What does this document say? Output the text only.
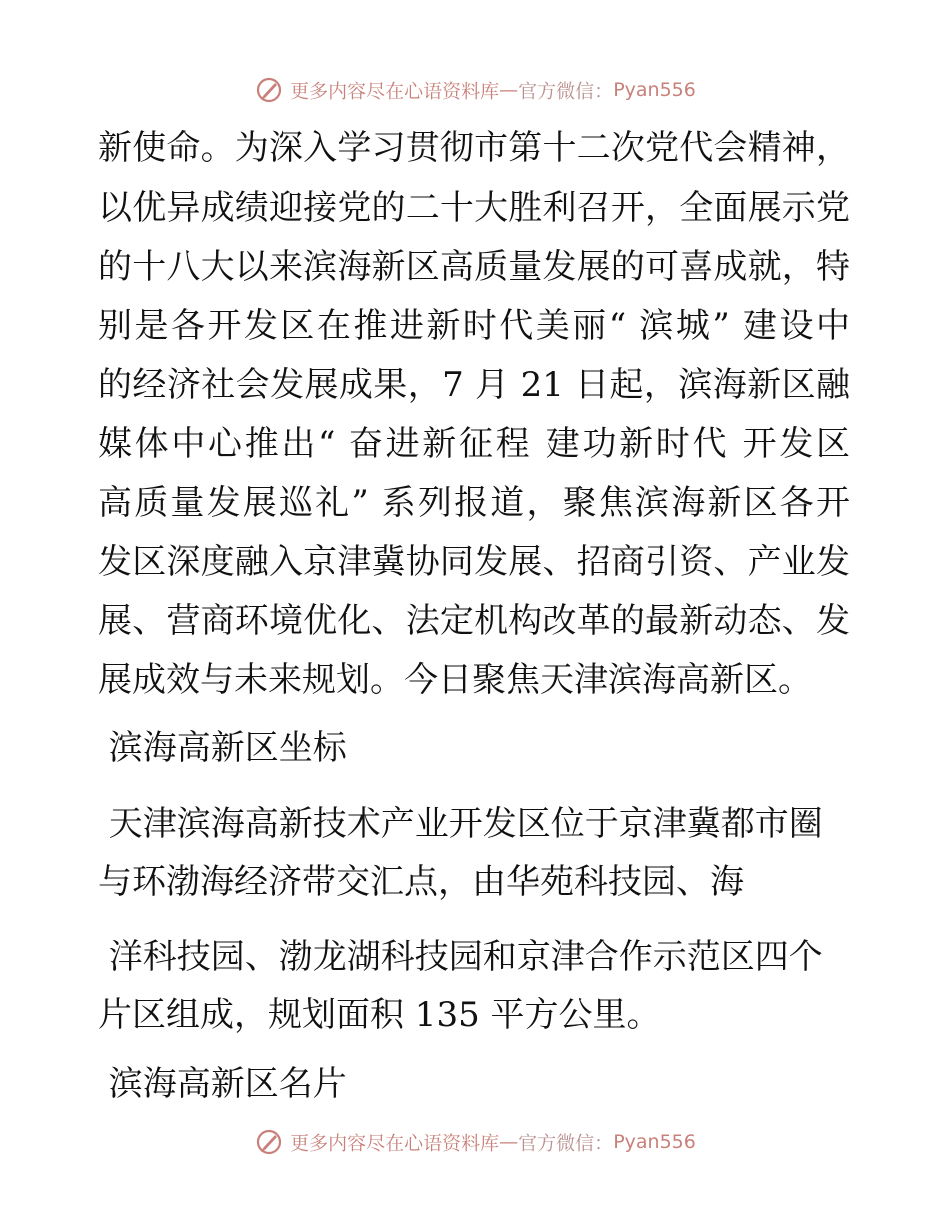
更多内容尽在心语资料库—官方微信：Pyan556
新使命。为深入学习贯彻市第十二次党代会精神，
以优异成绩迎接党的二十大胜利召开，全面展示党
的十八大以来滨海新区高质量发展的可喜成就，特
别是各开发区在推进新时代美丽“ 滨城” 建设中
的经济社会发展成果，7 月 21 日起，滨海新区融
媒体中心推出“ 奋进新征程 建功新时代 开发区
高质量发展巡礼” 系列报道，聚焦滨海新区各开
发区深度融入京津冀协同发展、招商引资、产业发
展、营商环境优化、法定机构改革的最新动态、发
展成效与未来规划。今日聚焦天津滨海高新区。
滨海高新区坐标
天津滨海高新技术产业开发区位于京津冀都市圈
与环渤海经济带交汇点，由华苑科技园、海
洋科技园、渤龙湖科技园和京津合作示范区四个
片区组成，规划面积 135 平方公里。
滨海高新区名片
更多内容尽在心语资料库—官方微信：Pyan556
